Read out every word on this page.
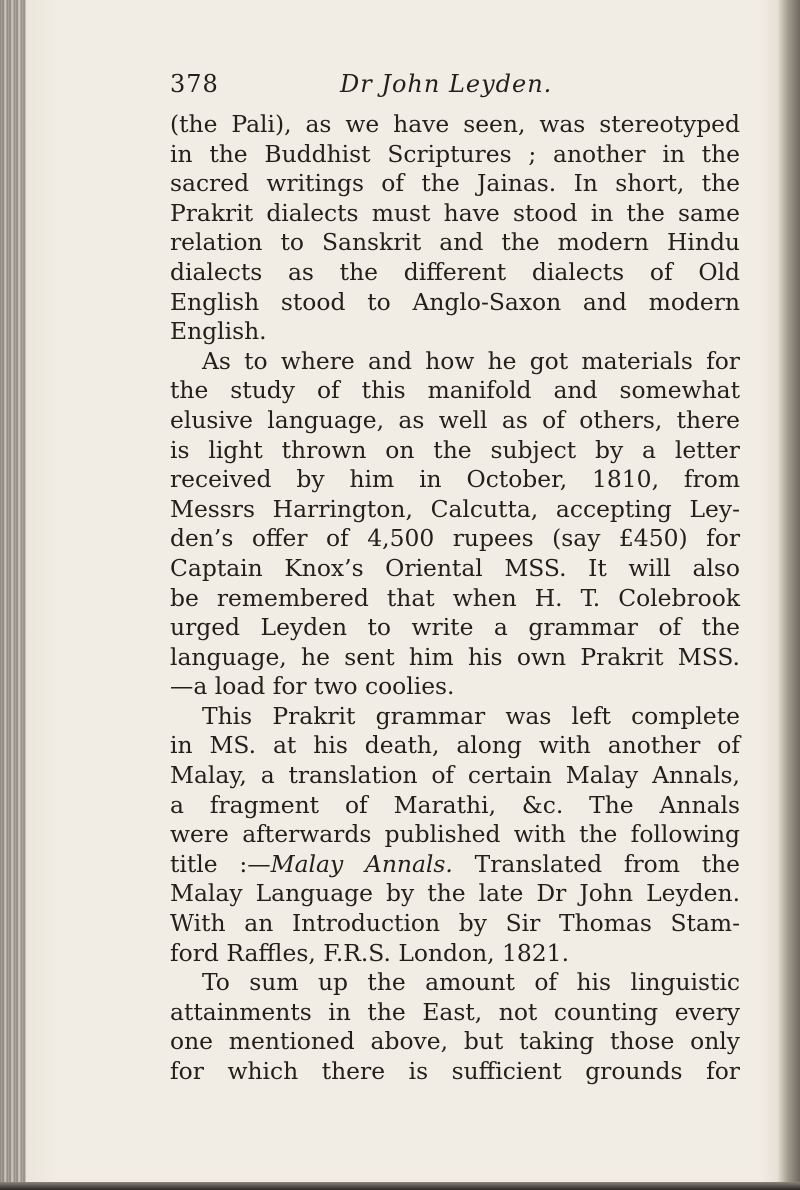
378	Dr John Leyden.
(the Pali), as we have seen, was stereotyped
in the Buddhist Scriptures ; another in the
sacred writings of the Jainas. In short, the
Prakrit dialects must have stood in the same
relation to Sanskrit and the modern Hindu
dialects as the different dialects of Old
English stood to Anglo-Saxon and modern
English.
As to where and how he got materials for
the study of this manifold and somewhat
elusive language, as well as of others, there
is light thrown on the subject by a letter
received by him in October, 1810, from
Messrs Harrington, Calcutta, accepting Ley-
den’s offer of 4,500 rupees (say £450) for
Captain Knox’s Oriental MSS. It will also
be remembered that when H. T. Colebrook
urged Leyden to write a grammar of the
language, he sent him his own Prakrit MSS.
—a load for two coolies.
This Prakrit grammar was left complete
in MS. at his death, along with another of
Malay, a translation of certain Malay Annals,
a fragment of Marathi, &c. The Annals
were afterwards published with the following
title :—Malay Annals. Translated from the
Malay Language by the late Dr John Leyden.
With an Introduction by Sir Thomas Stam-
ford Raffles, F.R.S. London, 1821.
To sum up the amount of his linguistic
attainments in the East, not counting every
one mentioned above, but taking those only
for which there is sufficient grounds for
